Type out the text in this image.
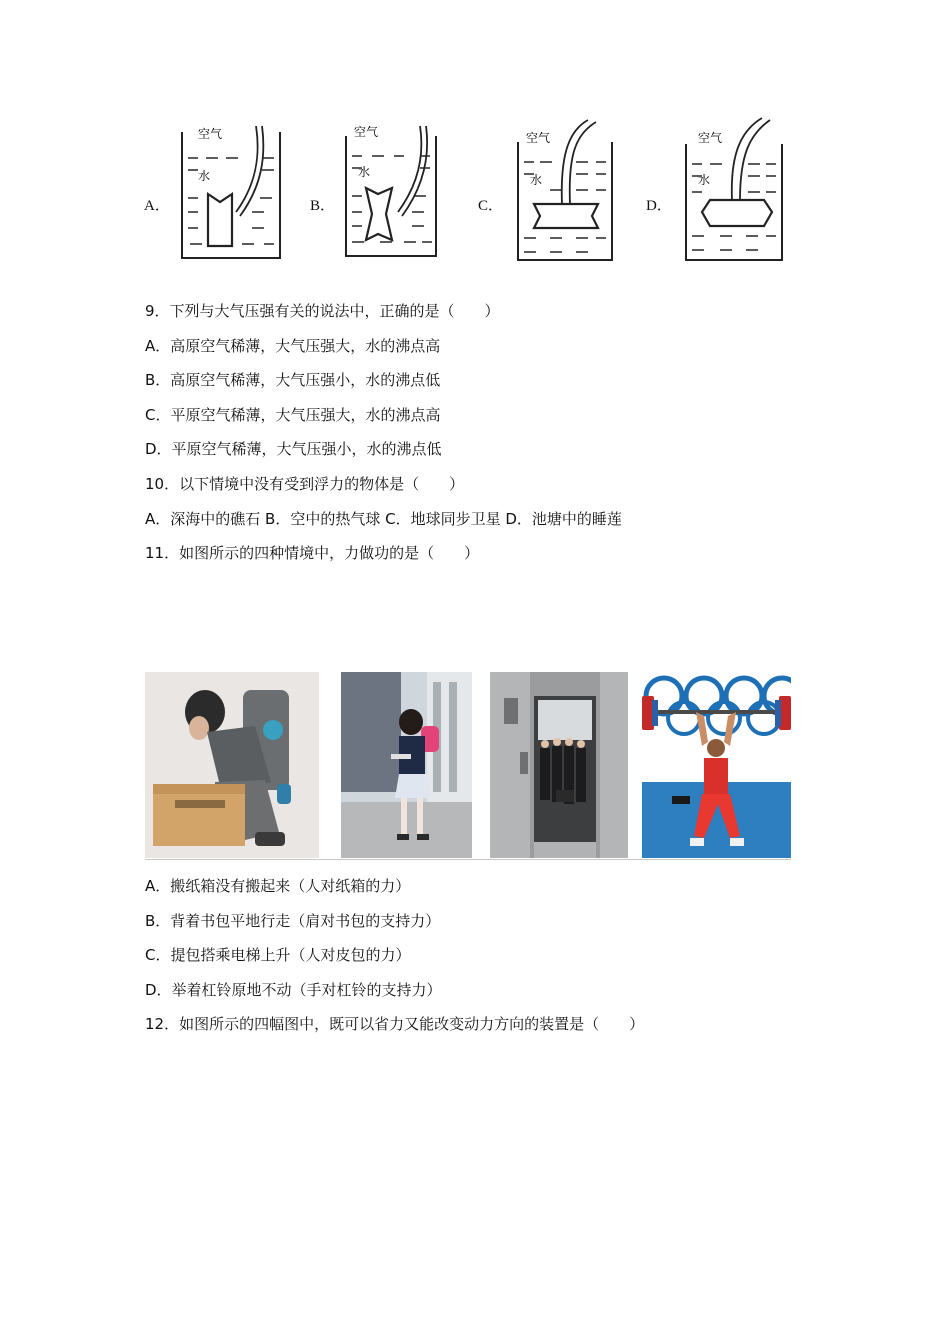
A．
空气
水
B．
空气
水
C．
空气
水
D．
空气
水
9．下列与大气压强有关的说法中，正确的是（　　）
A．高原空气稀薄，大气压强大，水的沸点高
B．高原空气稀薄，大气压强小，水的沸点低
C．平原空气稀薄，大气压强大，水的沸点高
D．平原空气稀薄，大气压强小，水的沸点低
10．以下情境中没有受到浮力的物体是（　　）
A．深海中的礁石 B．空中的热气球 C．地球同步卫星 D．池塘中的睡莲
11．如图所示的四种情境中，力做功的是（　　）
A．搬纸箱没有搬起来（人对纸箱的力）
B．背着书包平地行走（肩对书包的支持力）
C．提包搭乘电梯上升（人对皮包的力）
D．举着杠铃原地不动（手对杠铃的支持力）
12．如图所示的四幅图中，既可以省力又能改变动力方向的装置是（　　）
